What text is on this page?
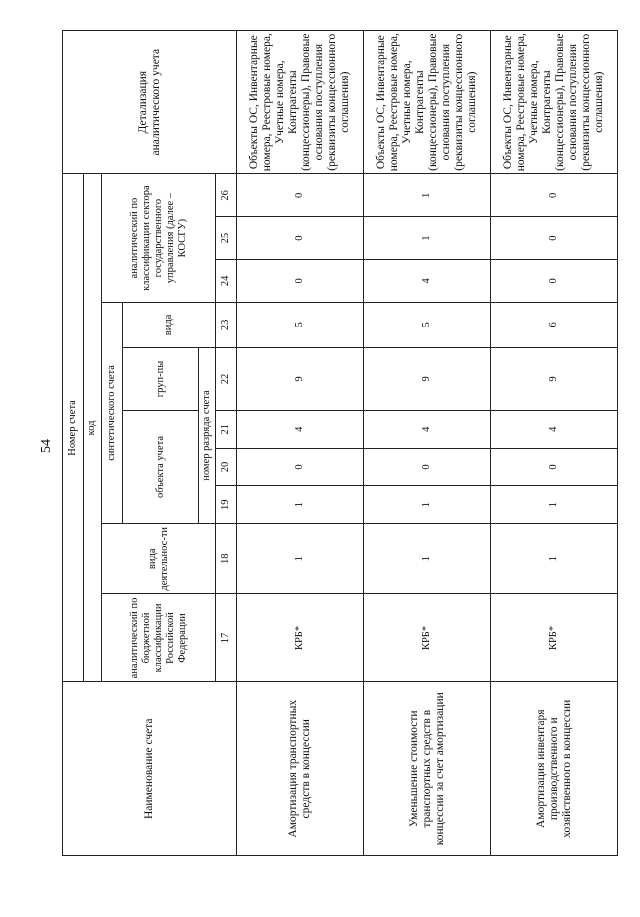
54
Наименование счета	Номер счета										Детализация аналитического учета
	код										
	аналитический по бюджетной классификации Российской Федерации	вида деятельнос-ти	синтетического счета					аналитический по классификации сектора государственного управления (далее – КОСГУ)			
			объекта учета			груп-пы	вида				
			номер разряда счета								
	17	18	19	20	21	22	23	24	25	26	
Амортизация транспортных средств в концессии	КРБ*	1	1	0	4	9	5	0	0	0	Объекты ОС, Инвентарные номера, Реестровые номера, Учетные номера, Контрагенты (концессионеры), Правовые основания поступления (реквизиты концессионного соглашения)
Уменьшение стоимости транспортных средств в концессии за счет амортизации	КРБ*	1	1	0	4	9	5	4	1	1	Объекты ОС, Инвентарные номера, Реестровые номера, Учетные номера, Контрагенты (концессионеры), Правовые основания поступления (реквизиты концессионного соглашения)
Амортизация инвентаря производственного и хозяйственного в концессии	КРБ*	1	1	0	4	9	6	0	0	0	Объекты ОС, Инвентарные номера, Реестровые номера, Учетные номера, Контрагенты (концессионеры), Правовые основания поступления (реквизиты концессионного соглашения)
